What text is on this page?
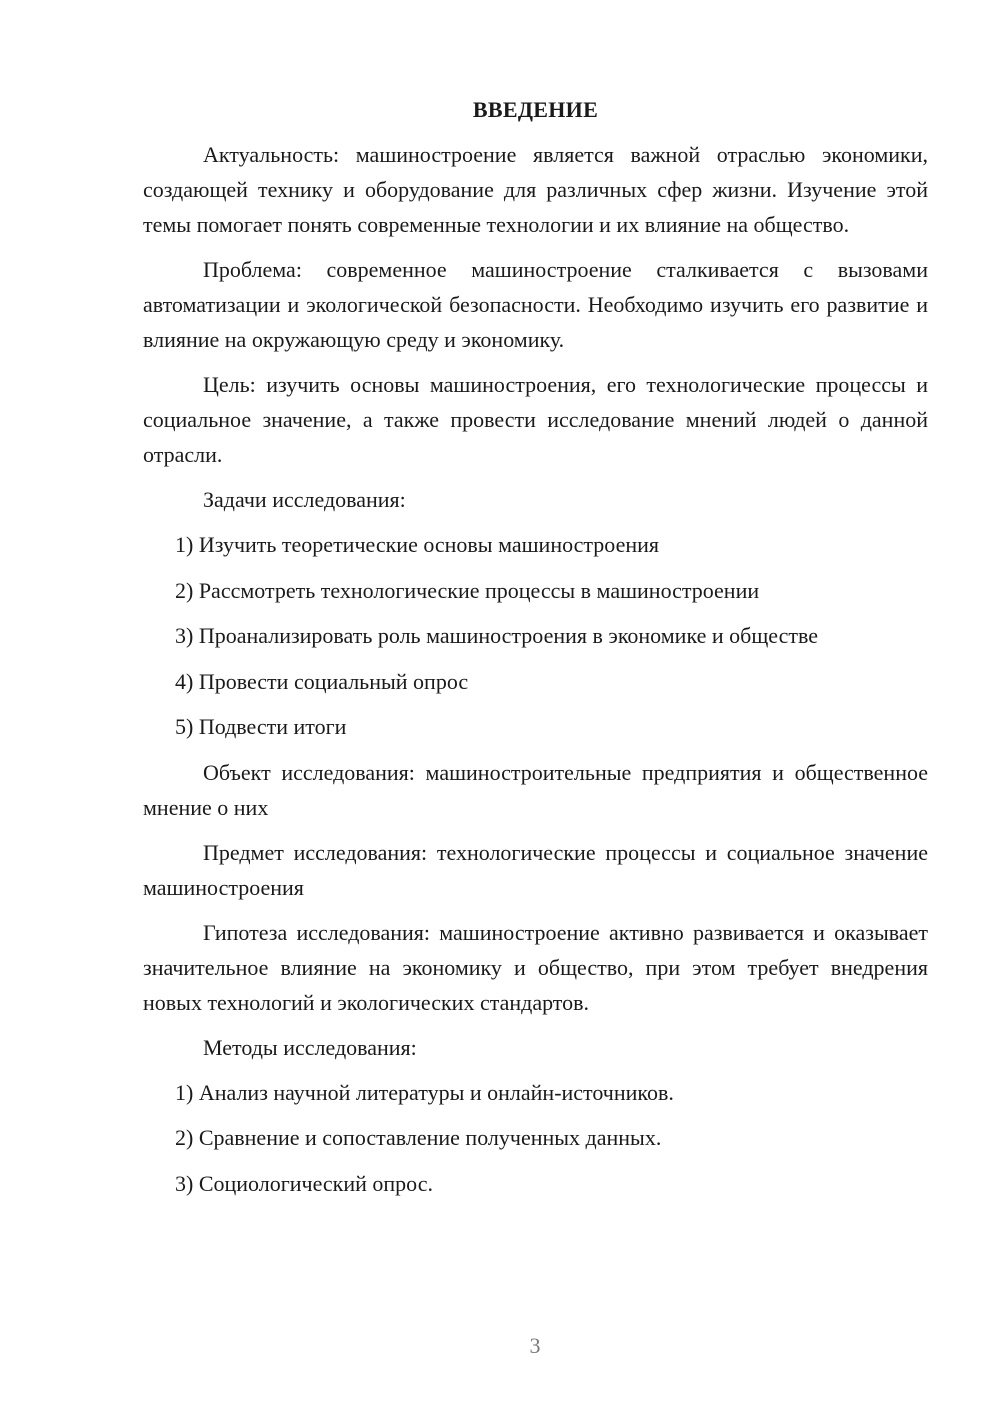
ВВЕДЕНИЕ

Актуальность: машиностроение является важной отраслью экономики, создающей технику и оборудование для различных сфер жизни. Изучение этой темы помогает понять современные технологии и их влияние на общество.

Проблема: современное машиностроение сталкивается с вызовами автоматизации и экологической безопасности. Необходимо изучить его развитие и влияние на окружающую среду и экономику.

Цель: изучить основы машиностроения, его технологические процессы и социальное значение, а также провести исследование мнений людей о данной отрасли.

Задачи исследования:

1) Изучить теоретические основы машиностроения
2) Рассмотреть технологические процессы в машиностроении
3) Проанализировать роль машиностроения в экономике и обществе
4) Провести социальный опрос
5) Подвести итоги

Объект исследования: машиностроительные предприятия и общественное мнение о них

Предмет исследования: технологические процессы и социальное значение машиностроения

Гипотеза исследования: машиностроение активно развивается и оказывает значительное влияние на экономику и общество, при этом требует внедрения новых технологий и экологических стандартов.

Методы исследования:

1) Анализ научной литературы и онлайн-источников.
2) Сравнение и сопоставление полученных данных.
3) Социологический опрос.
3
